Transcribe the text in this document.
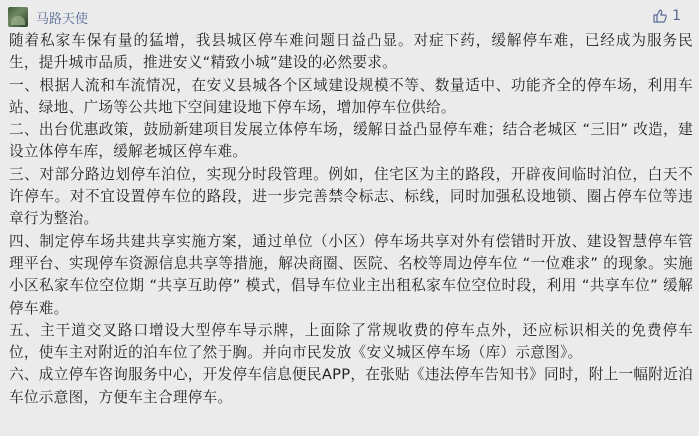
马路天使	1

随着私家车保有量的猛增，我县城区停车难问题日益凸显。对症下药，缓解停车难，已经成为服务民生，提升城市品质，推进安义“精致小城”建设的必然要求。

一、根据人流和车流情况，在安义县城各个区域建设规模不等、数量适中、功能齐全的停车场，利用车站、绿地、广场等公共地下空间建设地下停车场，增加停车位供给。

二、出台优惠政策，鼓励新建项目发展立体停车场，缓解日益凸显停车难；结合老城区 “三旧” 改造，建设立体停车库，缓解老城区停车难。

三、对部分路边划停车泊位，实现分时段管理。例如，住宅区为主的路段，开辟夜间临时泊位，白天不许停车。对不宜设置停车位的路段，进一步完善禁令标志、标线，同时加强私设地锁、圈占停车位等违章行为整治。

四、制定停车场共建共享实施方案，通过单位（小区）停车场共享对外有偿错时开放、建设智慧停车管理平台、实现停车资源信息共享等措施，解决商圈、医院、名校等周边停车位 “一位难求” 的现象。实施小区私家车位空位期 “共享互助停” 模式，倡导车位业主出租私家车位空位时段，利用 “共享车位” 缓解停车难。

五、主干道交叉路口增设大型停车导示牌，上面除了常规收费的停车点外，还应标识相关的免费停车位，使车主对附近的泊车位了然于胸。并向市民发放《安义城区停车场（库）示意图》。

六、成立停车咨询服务中心，开发停车信息便民APP，在张贴《违法停车告知书》同时，附上一幅附近泊车位示意图，方便车主合理停车。
